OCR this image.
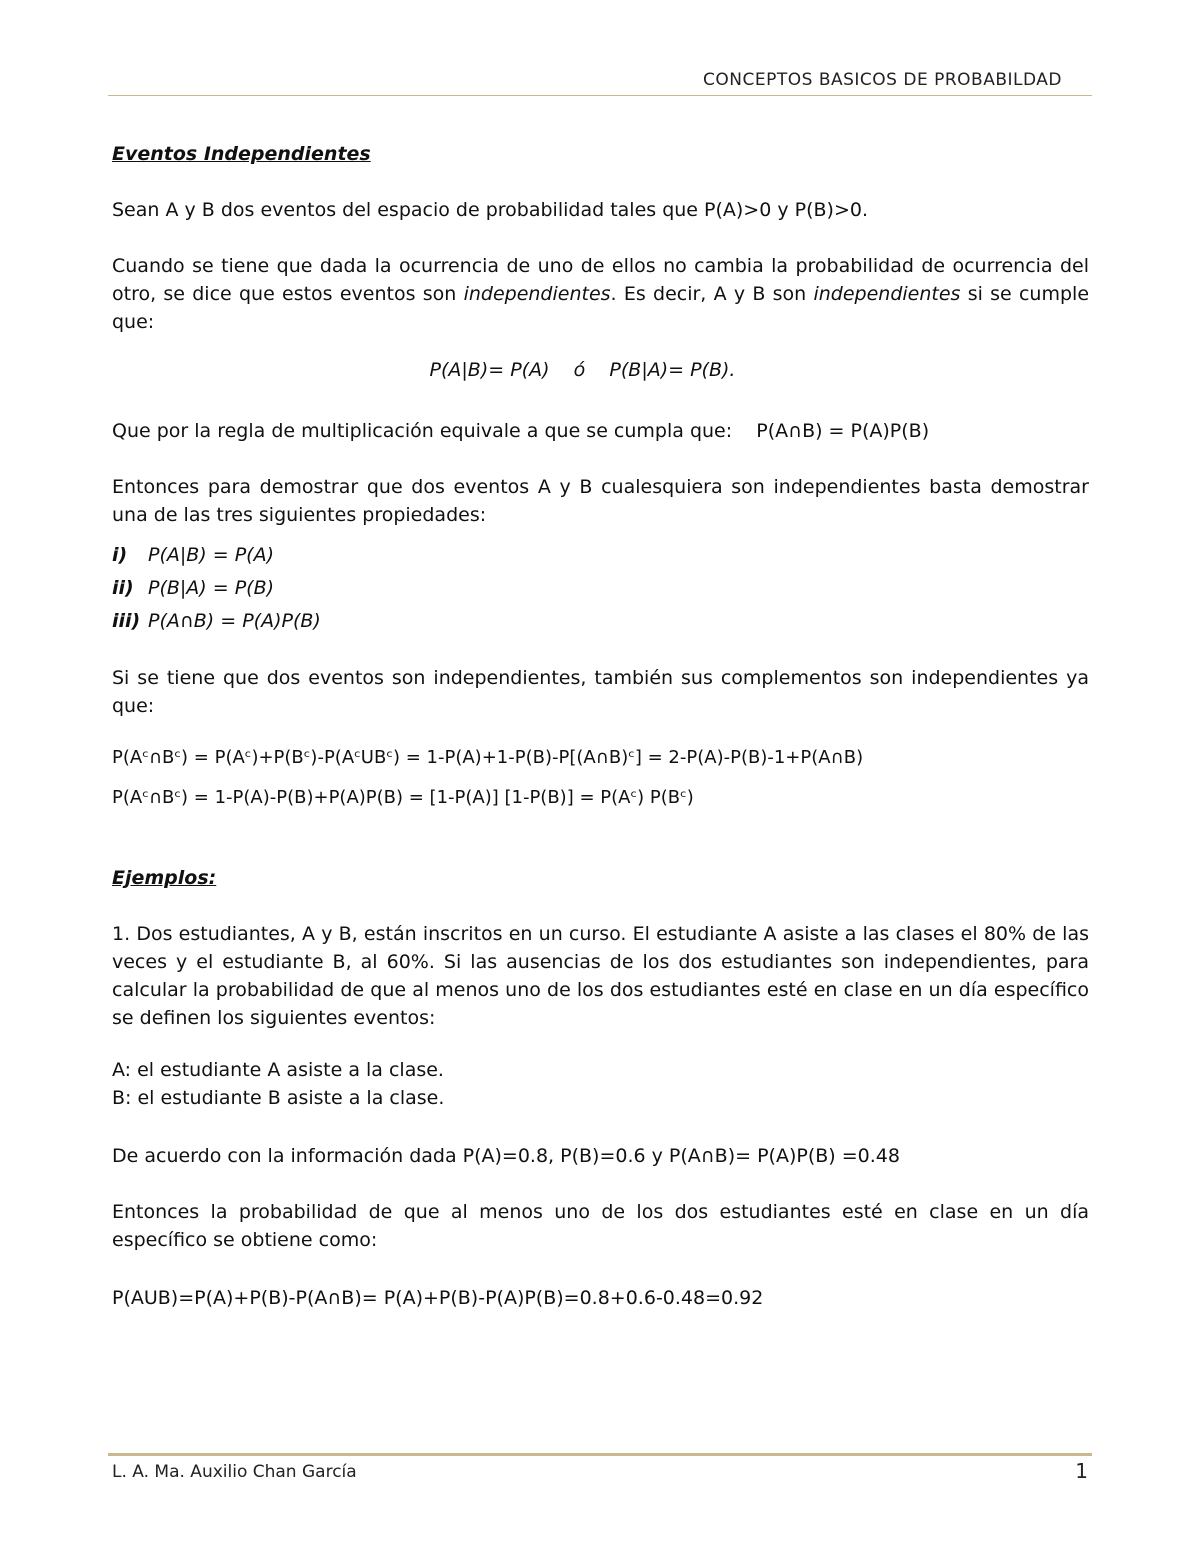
CONCEPTOS BASICOS DE PROBABILDAD

Eventos Independientes

Sean A y B dos eventos del espacio de probabilidad tales que P(A)>0 y P(B)>0.

Cuando se tiene que dada la ocurrencia de uno de ellos no cambia la probabilidad de ocurrencia del otro, se dice que estos eventos son independientes. Es decir, A y B son independientes si se cumple que:

P(A|B)= P(A)    ó    P(B|A)= P(B).

Que por la regla de multiplicación equivale a que se cumpla que:    P(A∩B) = P(A)P(B)

Entonces para demostrar que dos eventos A y B cualesquiera son independientes basta demostrar una de las tres siguientes propiedades:

i)	P(A|B) = P(A)
ii) P(B|A) = P(B)
iii) P(A∩B) = P(A)P(B)

Si se tiene que dos eventos son independientes, también sus complementos son independientes ya que:

P(Aᶜ∩Bᶜ) = P(Aᶜ)+P(Bᶜ)-P(AᶜUBᶜ) = 1-P(A)+1-P(B)-P[(A∩B)ᶜ] = 2-P(A)-P(B)-1+P(A∩B)

P(Aᶜ∩Bᶜ) = 1-P(A)-P(B)+P(A)P(B) = [1-P(A)] [1-P(B)] = P(Aᶜ) P(Bᶜ)

Ejemplos:

1. Dos estudiantes, A y B, están inscritos en un curso. El estudiante A asiste a las clases el 80% de las veces y el estudiante B, al 60%. Si las ausencias de los dos estudiantes son independientes, para calcular la probabilidad de que al menos uno de los dos estudiantes esté en clase en un día específico se definen los siguientes eventos:

A: el estudiante A asiste a la clase.

B: el estudiante B asiste a la clase.

De acuerdo con la información dada P(A)=0.8, P(B)=0.6 y P(A∩B)= P(A)P(B) =0.48

Entonces la probabilidad de que al menos uno de los dos estudiantes esté en clase en un día específico se obtiene como:

P(AUB)=P(A)+P(B)-P(A∩B)= P(A)+P(B)-P(A)P(B)=0.8+0.6-0.48=0.92

L. A. Ma. Auxilio Chan García	1
